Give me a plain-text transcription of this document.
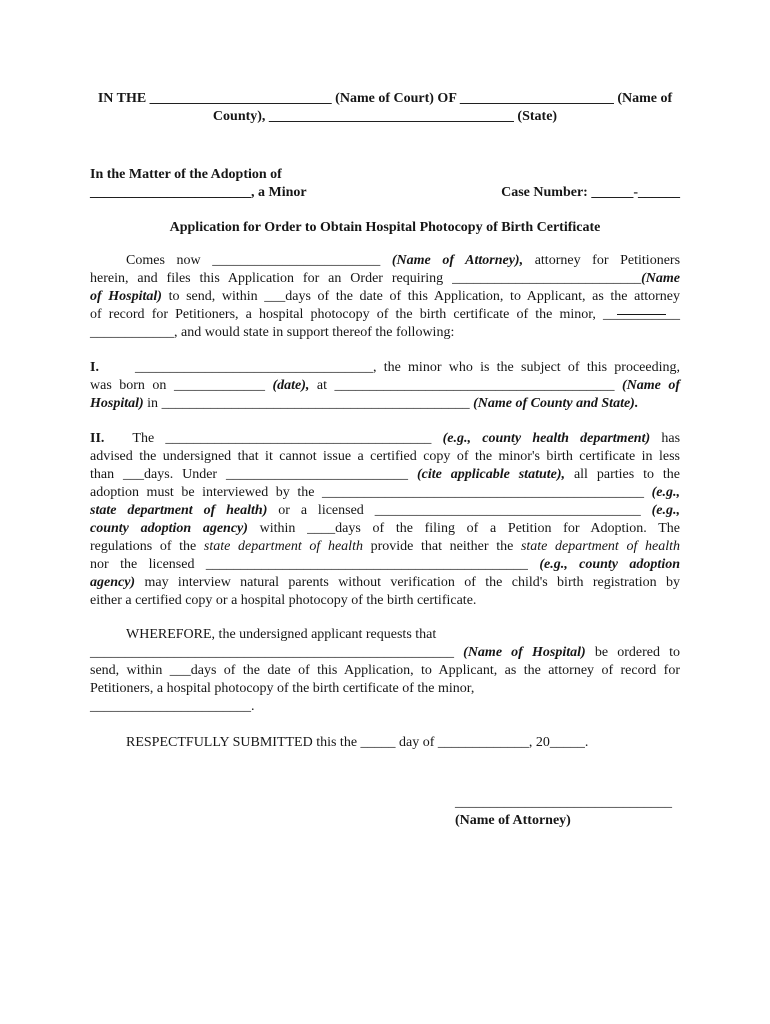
IN THE __________________________ (Name of Court) OF ______________________ (Name of
County), ___________________________________ (State)
In the Matter of the Adoption of
_______________________, a Minor	Case Number: ______-______
Application for Order to Obtain Hospital Photocopy of Birth Certificate
Comes now ________________________ (Name of Attorney), attorney for Petitioners
herein, and files this Application for an Order requiring ___________________________(Name
of Hospital) to send, within ___days of the date of this Application, to Applicant, as the attorney
of record for Petitioners, a hospital photocopy of the birth certificate of the minor, ___________
____________, and would state in support thereof the following:
I.	__________________________________, the minor who is the subject of this proceeding,
was born on _____________ (date), at ________________________________________ (Name of
Hospital) in ____________________________________________ (Name of County and State).
II. The ______________________________________ (e.g., county health department) has
advised the undersigned that it cannot issue a certified copy of the minor's birth certificate in less
than ___days. Under __________________________ (cite applicable statute), all parties to the
adoption must be interviewed by the ______________________________________________ (e.g.,
state department of health) or a licensed ______________________________________ (e.g.,
county adoption agency) within ____days of the filing of a Petition for Adoption. The
regulations of the state department of health provide that neither the state department of health
nor the licensed ______________________________________________ (e.g., county adoption
agency) may interview natural parents without verification of the child's birth registration by
either a certified copy or a hospital photocopy of the birth certificate.
WHEREFORE, the undersigned applicant requests that
____________________________________________________ (Name of Hospital) be ordered to
send, within ___days of the date of this Application, to Applicant, as the attorney of record for
Petitioners, a hospital photocopy of the birth certificate of the minor,
_______________________.
RESPECTFULLY SUBMITTED this the _____ day of _____________, 20_____.
_______________________________
(Name of Attorney)
